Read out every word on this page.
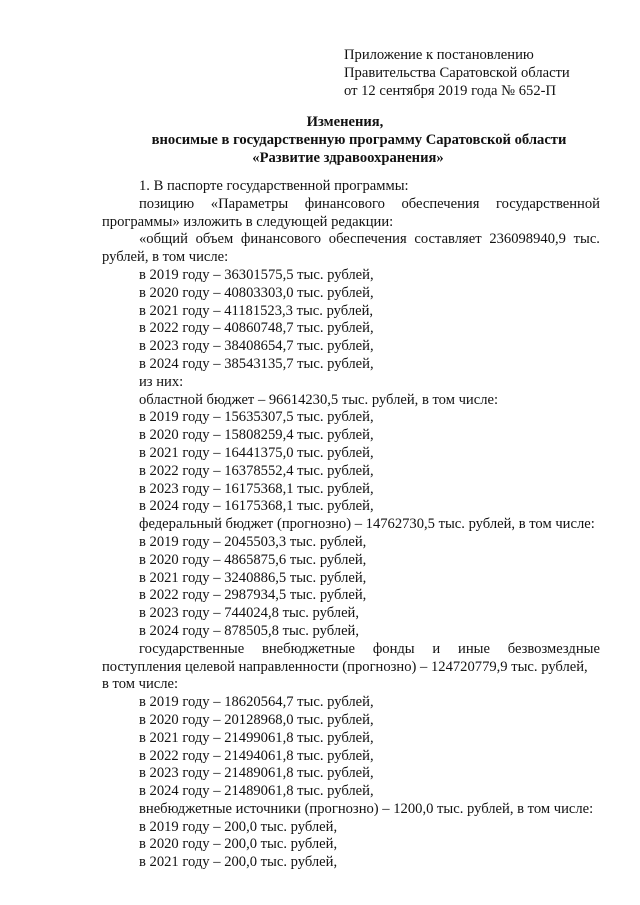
Приложение к постановлению
Правительства Саратовской области
от 12 сентября 2019 года № 652-П
Изменения,
вносимые в государственную программу Саратовской области
«Развитие здравоохранения»
1. В паспорте государственной программы:
позицию «Параметры финансового обеспечения государственной
программы» изложить в следующей редакции:
«общий объем финансового обеспечения составляет 236098940,9 тыс.
рублей, в том числе:
в 2019 году – 36301575,5 тыс. рублей,
в 2020 году – 40803303,0 тыс. рублей,
в 2021 году – 41181523,3 тыс. рублей,
в 2022 году – 40860748,7 тыс. рублей,
в 2023 году – 38408654,7 тыс. рублей,
в 2024 году – 38543135,7 тыс. рублей,
из них:
областной бюджет – 96614230,5 тыс. рублей, в том числе:
в 2019 году – 15635307,5 тыс. рублей,
в 2020 году – 15808259,4 тыс. рублей,
в 2021 году – 16441375,0 тыс. рублей,
в 2022 году – 16378552,4 тыс. рублей,
в 2023 году – 16175368,1 тыс. рублей,
в 2024 году – 16175368,1 тыс. рублей,
федеральный бюджет (прогнозно) – 14762730,5 тыс. рублей, в том числе:
в 2019 году – 2045503,3 тыс. рублей,
в 2020 году – 4865875,6 тыс. рублей,
в 2021 году – 3240886,5 тыс. рублей,
в 2022 году – 2987934,5 тыс. рублей,
в 2023 году – 744024,8 тыс. рублей,
в 2024 году – 878505,8 тыс. рублей,
государственные внебюджетные фонды и иные безвозмездные
поступления целевой направленности (прогнозно) – 124720779,9 тыс. рублей,
в том числе:
в 2019 году – 18620564,7 тыс. рублей,
в 2020 году – 20128968,0 тыс. рублей,
в 2021 году – 21499061,8 тыс. рублей,
в 2022 году – 21494061,8 тыс. рублей,
в 2023 году – 21489061,8 тыс. рублей,
в 2024 году – 21489061,8 тыс. рублей,
внебюджетные источники (прогнозно) – 1200,0 тыс. рублей, в том числе:
в 2019 году – 200,0 тыс. рублей,
в 2020 году – 200,0 тыс. рублей,
в 2021 году – 200,0 тыс. рублей,
